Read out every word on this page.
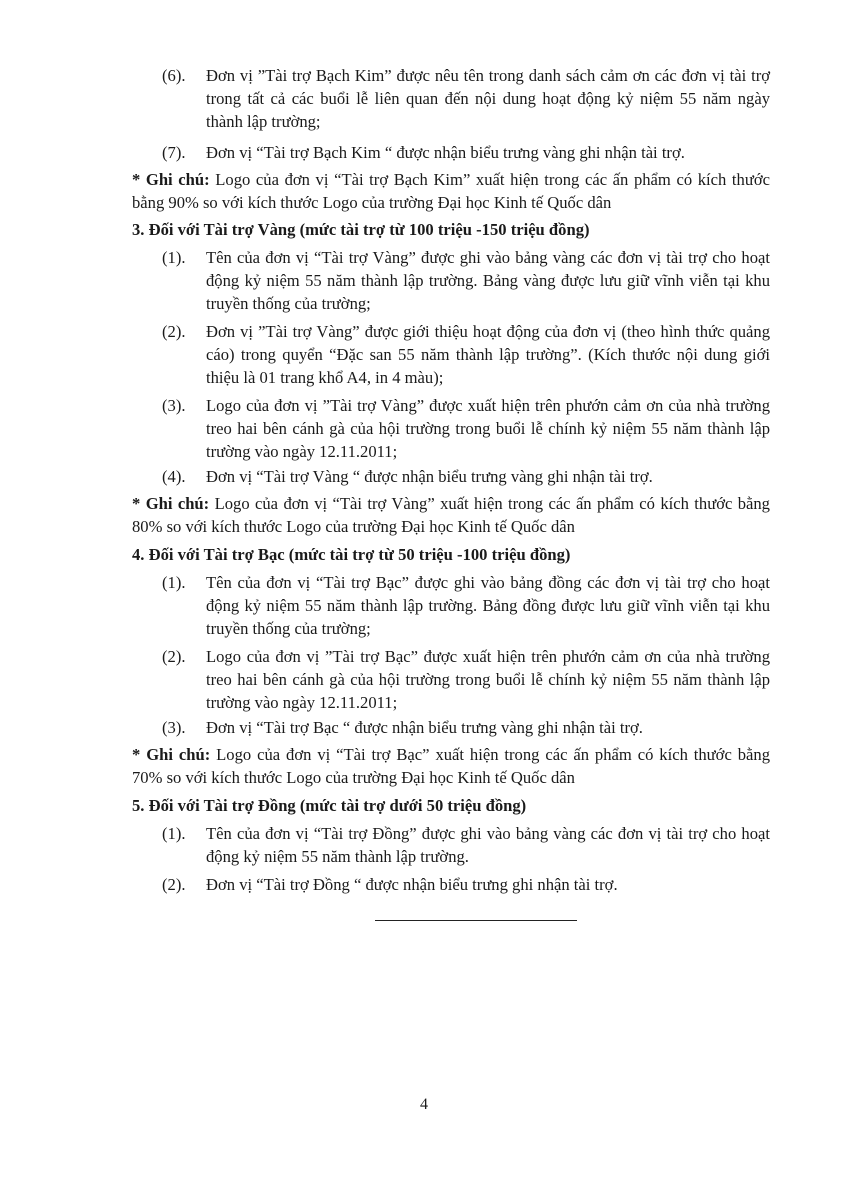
(6). Đơn vị ”Tài trợ Bạch Kim” được nêu tên trong danh sách cảm ơn các đơn vị tài trợ trong tất cả các buổi lễ liên quan đến nội dung hoạt động kỷ niệm 55 năm ngày thành lập trường;
(7). Đơn vị “Tài trợ Bạch Kim “ được nhận biểu trưng vàng ghi nhận tài trợ.
* Ghi chú: Logo của đơn vị “Tài trợ Bạch Kim” xuất hiện trong các ấn phẩm có kích thước bằng 90% so với kích thước Logo của trường Đại học Kinh tế Quốc dân
3. Đối với Tài trợ Vàng (mức tài trợ từ 100 triệu -150 triệu đồng)
(1). Tên của đơn vị “Tài trợ Vàng” được ghi vào bảng vàng các đơn vị tài trợ cho hoạt động kỷ niệm 55 năm thành lập trường. Bảng vàng được lưu giữ vĩnh viễn tại khu truyền thống của trường;
(2). Đơn vị ”Tài trợ Vàng” được giới thiệu hoạt động của đơn vị (theo hình thức quảng cáo) trong quyển “Đặc san 55 năm thành lập trường”. (Kích thước nội dung giới thiệu là 01 trang khổ A4, in 4 màu);
(3). Logo của đơn vị ”Tài trợ Vàng” được xuất hiện trên phướn cảm ơn của nhà trường treo hai bên cánh gà của hội trường trong buổi lễ chính kỷ niệm 55 năm thành lập trường vào ngày 12.11.2011;
(4). Đơn vị “Tài trợ Vàng “ được nhận biểu trưng vàng ghi nhận tài trợ.
* Ghi chú: Logo của đơn vị “Tài trợ Vàng” xuất hiện trong các ấn phẩm có kích thước bằng 80% so với kích thước Logo của trường Đại học Kinh tế Quốc dân
4. Đối với Tài trợ Bạc (mức tài trợ từ 50 triệu -100 triệu đồng)
(1). Tên của đơn vị “Tài trợ Bạc” được ghi vào bảng đồng các đơn vị tài trợ cho hoạt động kỷ niệm 55 năm thành lập trường. Bảng đồng được lưu giữ vĩnh viễn tại khu truyền thống của trường;
(2). Logo của đơn vị ”Tài trợ Bạc” được xuất hiện trên phướn cảm ơn của nhà trường treo hai bên cánh gà của hội trường trong buổi lễ chính kỷ niệm 55 năm thành lập trường vào ngày 12.11.2011;
(3). Đơn vị “Tài trợ Bạc “ được nhận biểu trưng vàng ghi nhận tài trợ.
* Ghi chú: Logo của đơn vị “Tài trợ Bạc” xuất hiện trong các ấn phẩm có kích thước bằng 70% so với kích thước Logo của trường Đại học Kinh tế Quốc dân
5. Đối với Tài trợ Đồng (mức tài trợ dưới 50 triệu đồng)
(1). Tên của đơn vị “Tài trợ Đồng” được ghi vào bảng vàng các đơn vị tài trợ cho hoạt động kỷ niệm 55 năm thành lập trường.
(2). Đơn vị “Tài trợ Đồng “ được nhận biểu trưng ghi nhận tài trợ.
4
